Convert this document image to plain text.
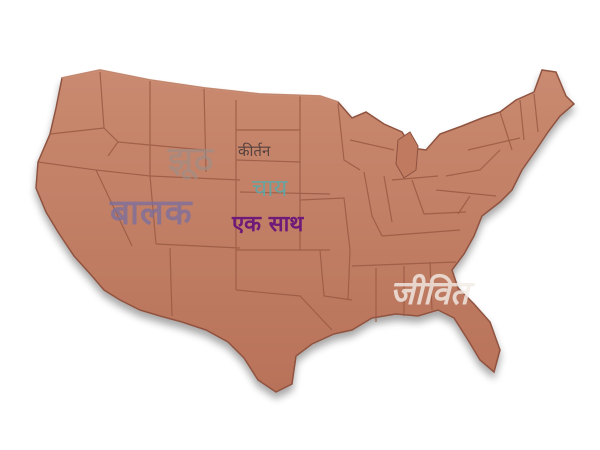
झूठ कीर्तन
चाय
बालक एक साथ
जीवित
